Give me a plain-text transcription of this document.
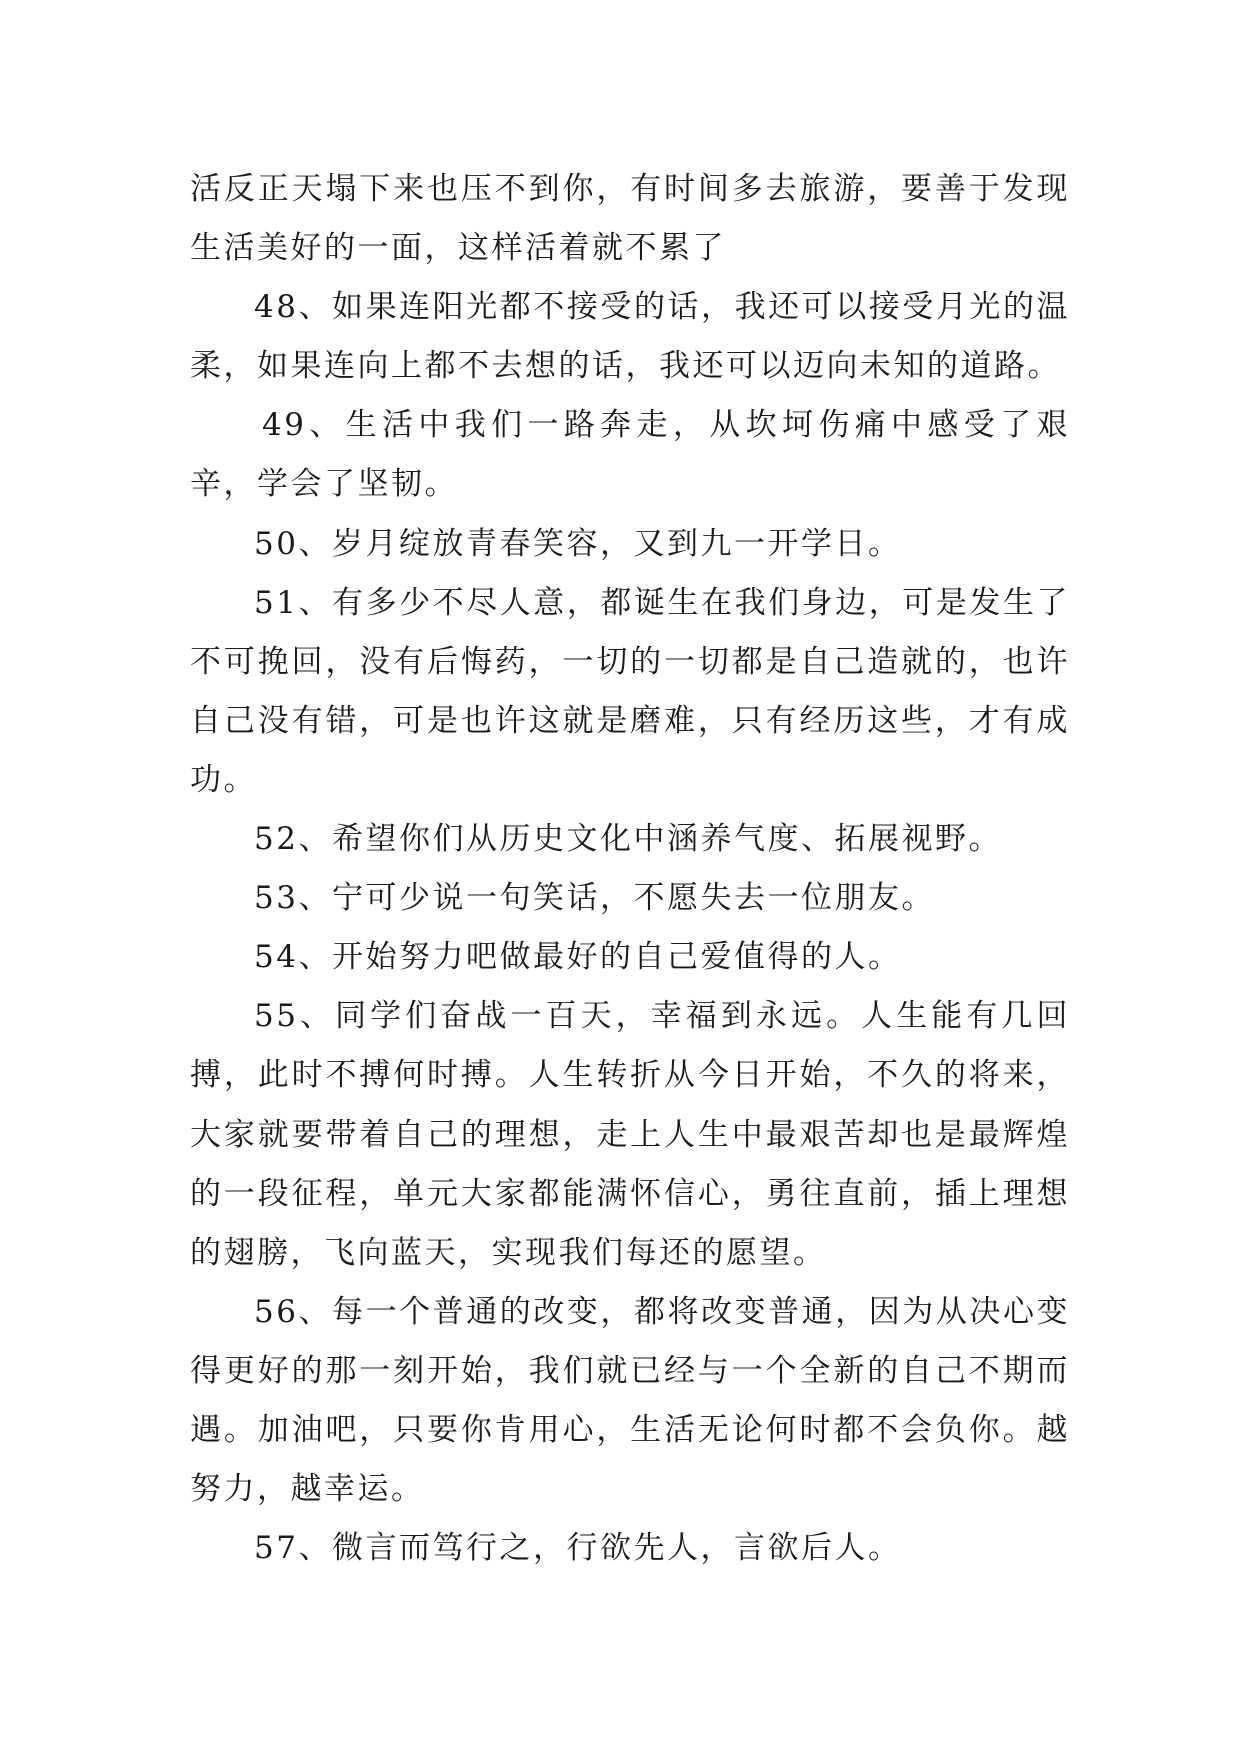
活反正天塌下来也压不到你，有时间多去旅游，要善于发现生活美好的一面，这样活着就不累了

48、如果连阳光都不接受的话，我还可以接受月光的温柔，如果连向上都不去想的话，我还可以迈向未知的道路。

49、生活中我们一路奔走，从坎坷伤痛中感受了艰辛，学会了坚韧。

50、岁月绽放青春笑容，又到九一开学日。

51、有多少不尽人意，都诞生在我们身边，可是发生了不可挽回，没有后悔药，一切的一切都是自己造就的，也许自己没有错，可是也许这就是磨难，只有经历这些，才有成功。

52、希望你们从历史文化中涵养气度、拓展视野。

53、宁可少说一句笑话，不愿失去一位朋友。

54、开始努力吧做最好的自己爱值得的人。

55、同学们奋战一百天，幸福到永远。人生能有几回搏，此时不搏何时搏。人生转折从今日开始，不久的将来，大家就要带着自己的理想，走上人生中最艰苦却也是最辉煌的一段征程，单元大家都能满怀信心，勇往直前，插上理想的翅膀，飞向蓝天，实现我们每还的愿望。

56、每一个普通的改变，都将改变普通，因为从决心变得更好的那一刻开始，我们就已经与一个全新的自己不期而遇。加油吧，只要你肯用心，生活无论何时都不会负你。越努力，越幸运。

57、微言而笃行之，行欲先人，言欲后人。
